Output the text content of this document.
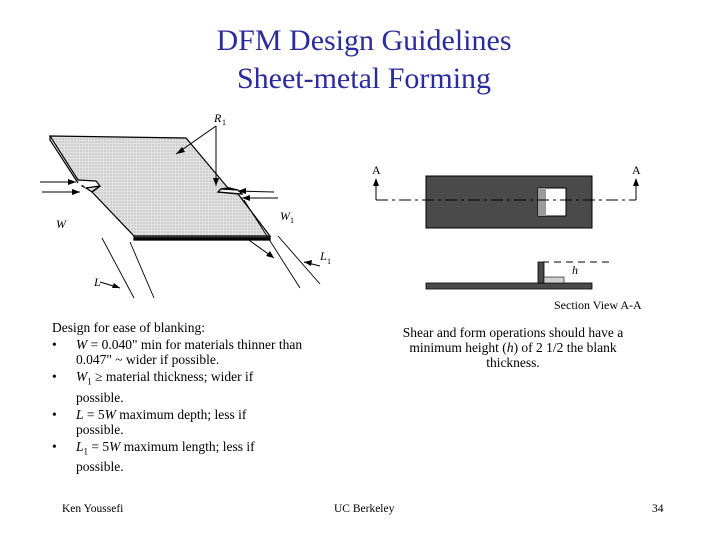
DFM Design Guidelines
Sheet-metal Forming
R 1
W
W 1
L 1
L
A	A
h
Section View A-A
Design for ease of blanking:
• W = 0.040" min for materials thinner than
0.047" ~ wider if possible.
• $W_1$ ≥ material thickness; wider if
possible.
• L = 5W maximum depth; less if
possible.
• $L_1 = 5W$ maximum length; less if
possible.
Shear and form operations should have a
minimum height (h) of 2 1/2 the blank
thickness.
Ken Youssefi	UC Berkeley	34
